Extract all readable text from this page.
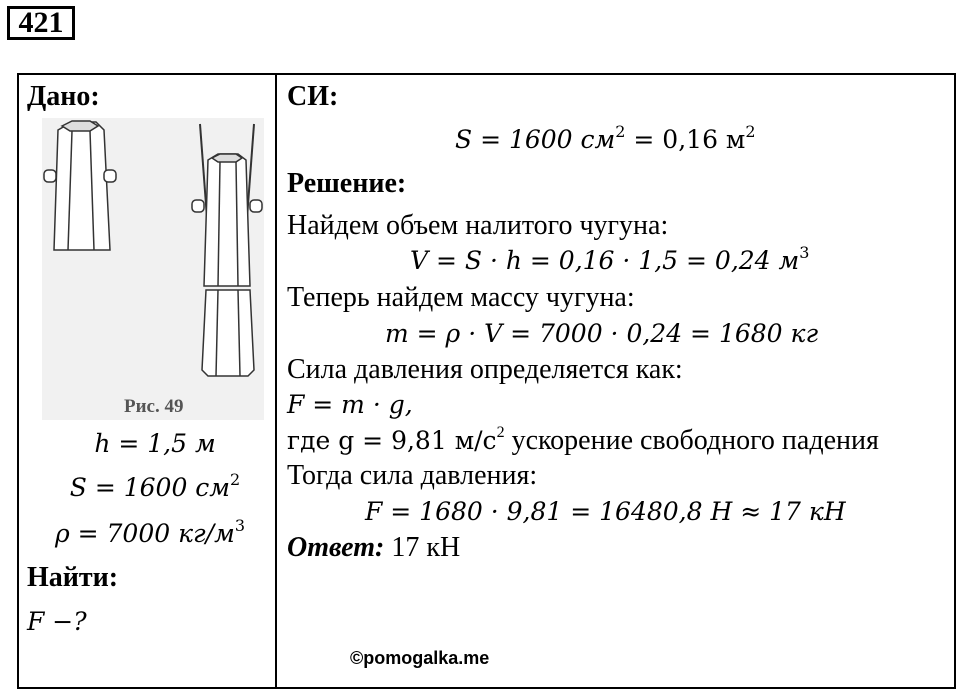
421
Дано:
Рис. 49
h = 1,5 м
S = 1600 $см^2$
ρ = 7000 $кг/м^3$
Найти:
F −?
СИ:
S = 1600 $см^2 = 0,16$ $м^2$
Решение:
Найдем объем налитого чугуна:
V = S · h = 0,16 · 1,5 = 0,24 $м^3$
Теперь найдем массу чугуна:
m = ρ · V = 7000 · 0,24 = 1680 кг
Сила давления определяется как:
F = m · g,
где g = 9,81 $м/с^2$ ускорение свободного падения
Тогда сила давления:
F = 1680 · 9,81 = 16480,8 Н ≈ 17 кН
Ответ: 17 кН
©pomogalka.me
